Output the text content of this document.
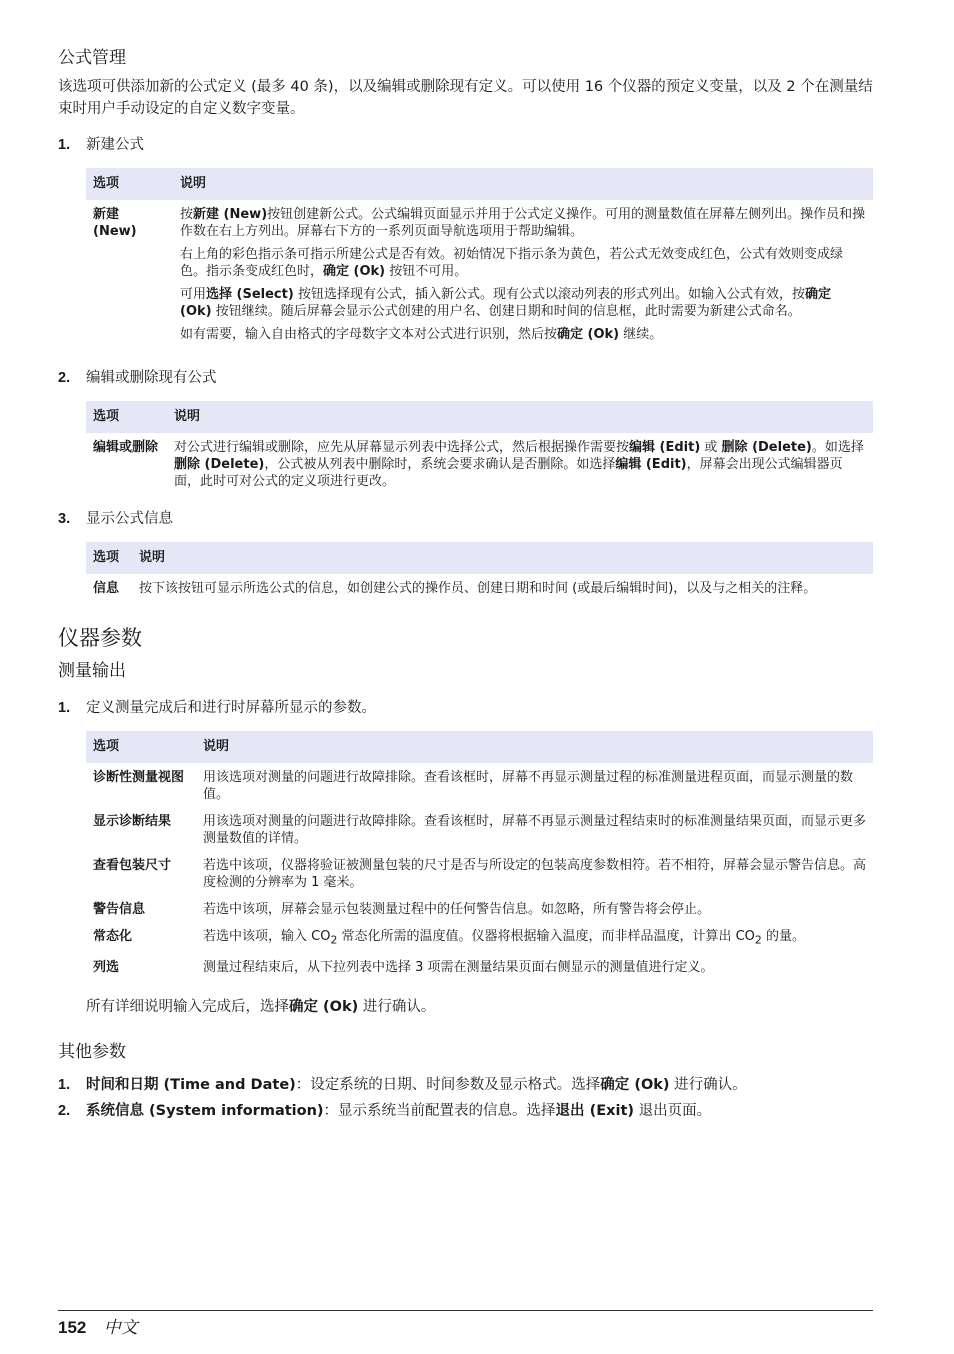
公式管理

该选项可供添加新的公式定义 (最多 40 条)，以及编辑或删除现有定义。可以使用 16 个仪器的预定义变量，以及 2 个在测量结束时用户手动设定的自定义数字变量。

1.	新建公式
选项	说明
新建 (New)	按新建 (New)按钮创建新公式。公式编辑页面显示并用于公式定义操作。可用的测量数值在屏幕左侧列出。操作员和操作数在右上方列出。屏幕右下方的一系列页面导航选项用于帮助编辑。

右上角的彩色指示条可指示所建公式是否有效。初始情况下指示条为黄色，若公式无效变成红色，公式有效则变成绿色。指示条变成红色时，确定 (Ok) 按钮不可用。

可用选择 (Select) 按钮选择现有公式，插入新公式。现有公式以滚动列表的形式列出。如输入公式有效，按确定 (Ok) 按钮继续。随后屏幕会显示公式创建的用户名、创建日期和时间的信息框，此时需要为新建公式命名。

如有需要，输入自由格式的字母数字文本对公式进行识别，然后按确定 (Ok) 继续。

2.	编辑或删除现有公式
选项	说明
编辑或删除	对公式进行编辑或删除，应先从屏幕显示列表中选择公式，然后根据操作需要按编辑 (Edit) 或 删除 (Delete)。如选择删除 (Delete)，公式被从列表中删除时，系统会要求确认是否删除。如选择编辑 (Edit)，屏幕会出现公式编辑器页面，此时可对公式的定义项进行更改。
3.	显示公式信息
选项	说明
信息	按下该按钮可显示所选公式的信息，如创建公式的操作员、创建日期和时间 (或最后编辑时间)，以及与之相关的注释。
仪器参数
测量输出
1.	定义测量完成后和进行时屏幕所显示的参数。
选项	说明
诊断性测量视图	用该选项对测量的问题进行故障排除。查看该框时，屏幕不再显示测量过程的标准测量进程页面，而显示测量的数值。
显示诊断结果	用该选项对测量的问题进行故障排除。查看该框时，屏幕不再显示测量过程结束时的标准测量结果页面，而显示更多测量数值的详情。
查看包装尺寸	若选中该项，仪器将验证被测量包装的尺寸是否与所设定的包装高度参数相符。若不相符，屏幕会显示警告信息。高度检测的分辨率为 1 毫米。
警告信息	若选中该项，屏幕会显示包装测量过程中的任何警告信息。如忽略，所有警告将会停止。
常态化	若选中该项，输入 $CO_2$ 常态化所需的温度值。仪器将根据输入温度，而非样品温度，计算出 $CO_2$ 的量。
列选	测量过程结束后，从下拉列表中选择 3 项需在测量结果页面右侧显示的测量值进行定义。
所有详细说明输入完成后，选择确定 (Ok) 进行确认。
其他参数
1.	时间和日期 (Time and Date)：设定系统的日期、时间参数及显示格式。选择确定 (Ok) 进行确认。
2.	系统信息 (System information)：显示系统当前配置表的信息。选择退出 (Exit) 退出页面。
152 中文
